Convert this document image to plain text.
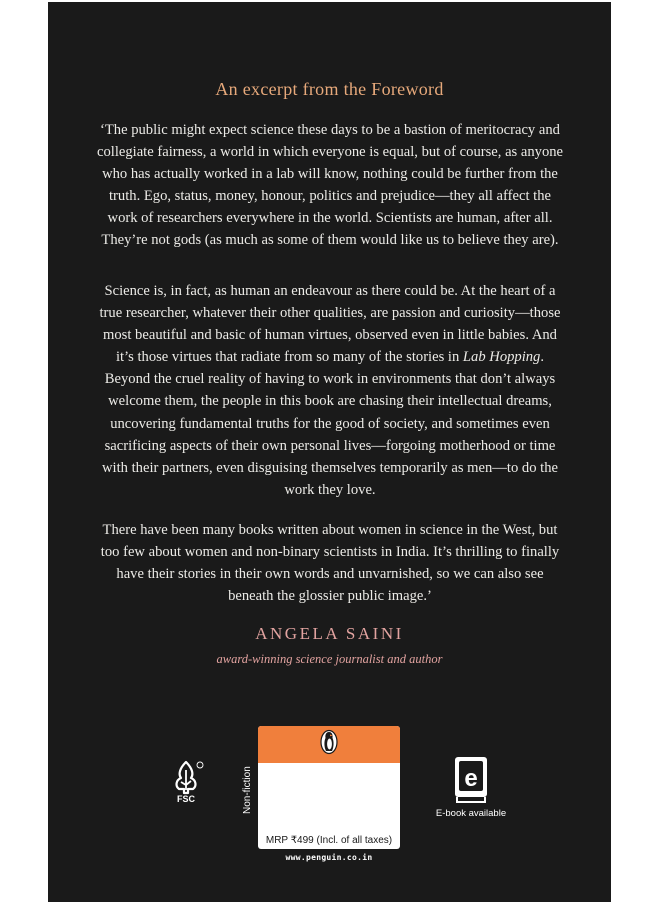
An excerpt from the Foreword

‘The public might expect science these days to be a bastion of meritocracy and collegiate fairness, a world in which everyone is equal, but of course, as anyone who has actually worked in a lab will know, nothing could be further from the truth. Ego, status, money, honour, politics and prejudice—they all affect the work of researchers everywhere in the world. Scientists are human, after all. They’re not gods (as much as some of them would like us to believe they are).

Science is, in fact, as human an endeavour as there could be. At the heart of a true researcher, whatever their other qualities, are passion and curiosity—those most beautiful and basic of human virtues, observed even in little babies. And it’s those virtues that radiate from so many of the stories in Lab Hopping. Beyond the cruel reality of having to work in environments that don’t always welcome them, the people in this book are chasing their intellectual dreams, uncovering fundamental truths for the good of society, and sometimes even sacrificing aspects of their own personal lives—forgoing motherhood or time with their partners, even disguising themselves temporarily as men—to do the work they love.

There have been many books written about women in science in the West, but too few about women and non-binary scientists in India. It’s thrilling to finally have their stories in their own words and unvarnished, so we can also see beneath the glossier public image.’

ANGELA SAINI
award-winning science journalist and author
FSC	Non-fiction
MRP ₹499 (Incl. of all taxes)
www.penguin.co.in
e
E-book available
